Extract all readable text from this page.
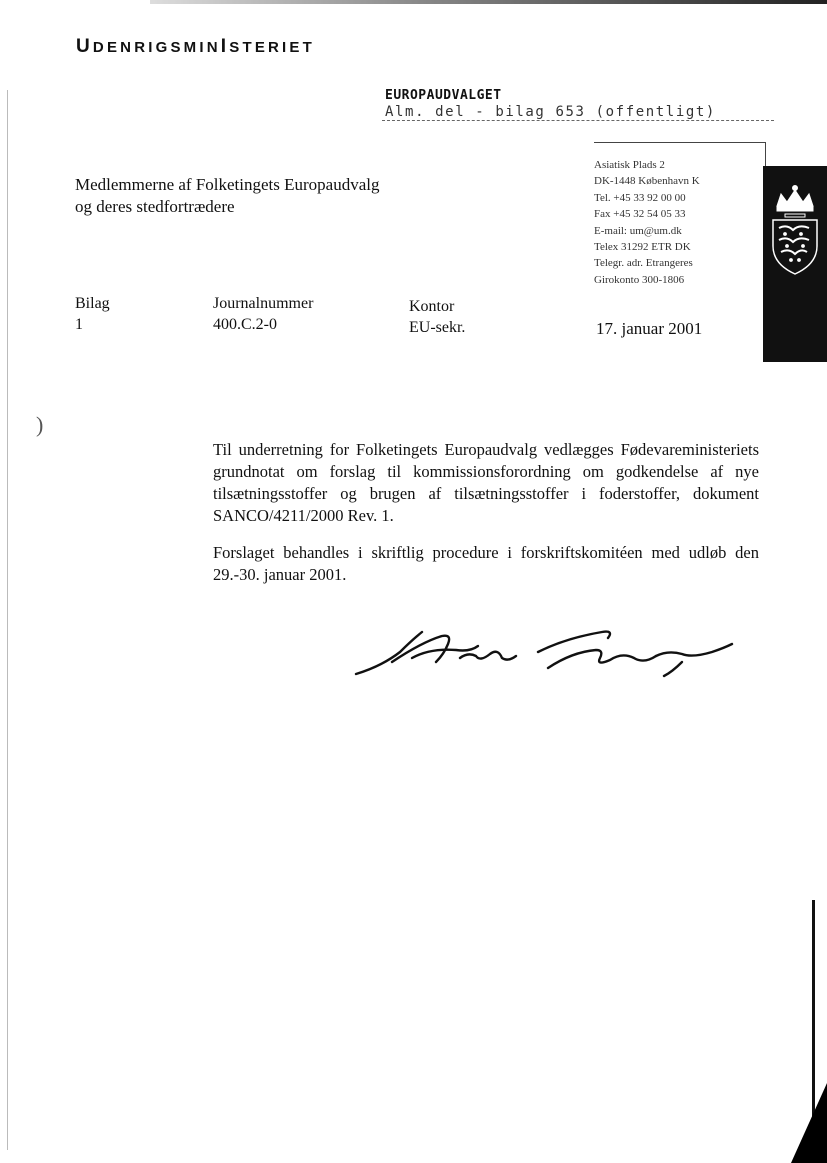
UDENRIGSMINISTERIET
EUROPAUDVALGET
Alm. del - bilag 653 (offentligt)
Asiatisk Plads 2
DK-1448 København K
Tel. +45 33 92 00 00
Fax +45 32 54 05 33
E-mail: um@um.dk
Telex 31292 ETR DK
Telegr. adr. Etrangeres
Girokonto 300-1806
Medlemmerne af Folketingets Europaudvalg
og deres stedfortrædere
Bilag
1
Journalnummer
400.C.2-0
Kontor
EU-sekr.	17. januar 2001
)

Til underretning for Folketingets Europaudvalg vedlægges Fødevareministeriets grundnotat om forslag til kommissionsforordning om godkendelse af nye tilsætningsstoffer og brugen af tilsætningsstoffer i foderstoffer, dokument SANCO/4211/2000 Rev. 1.

Forslaget behandles i skriftlig procedure i forskriftskomitéen med udløb den 29.-30. januar 2001.
